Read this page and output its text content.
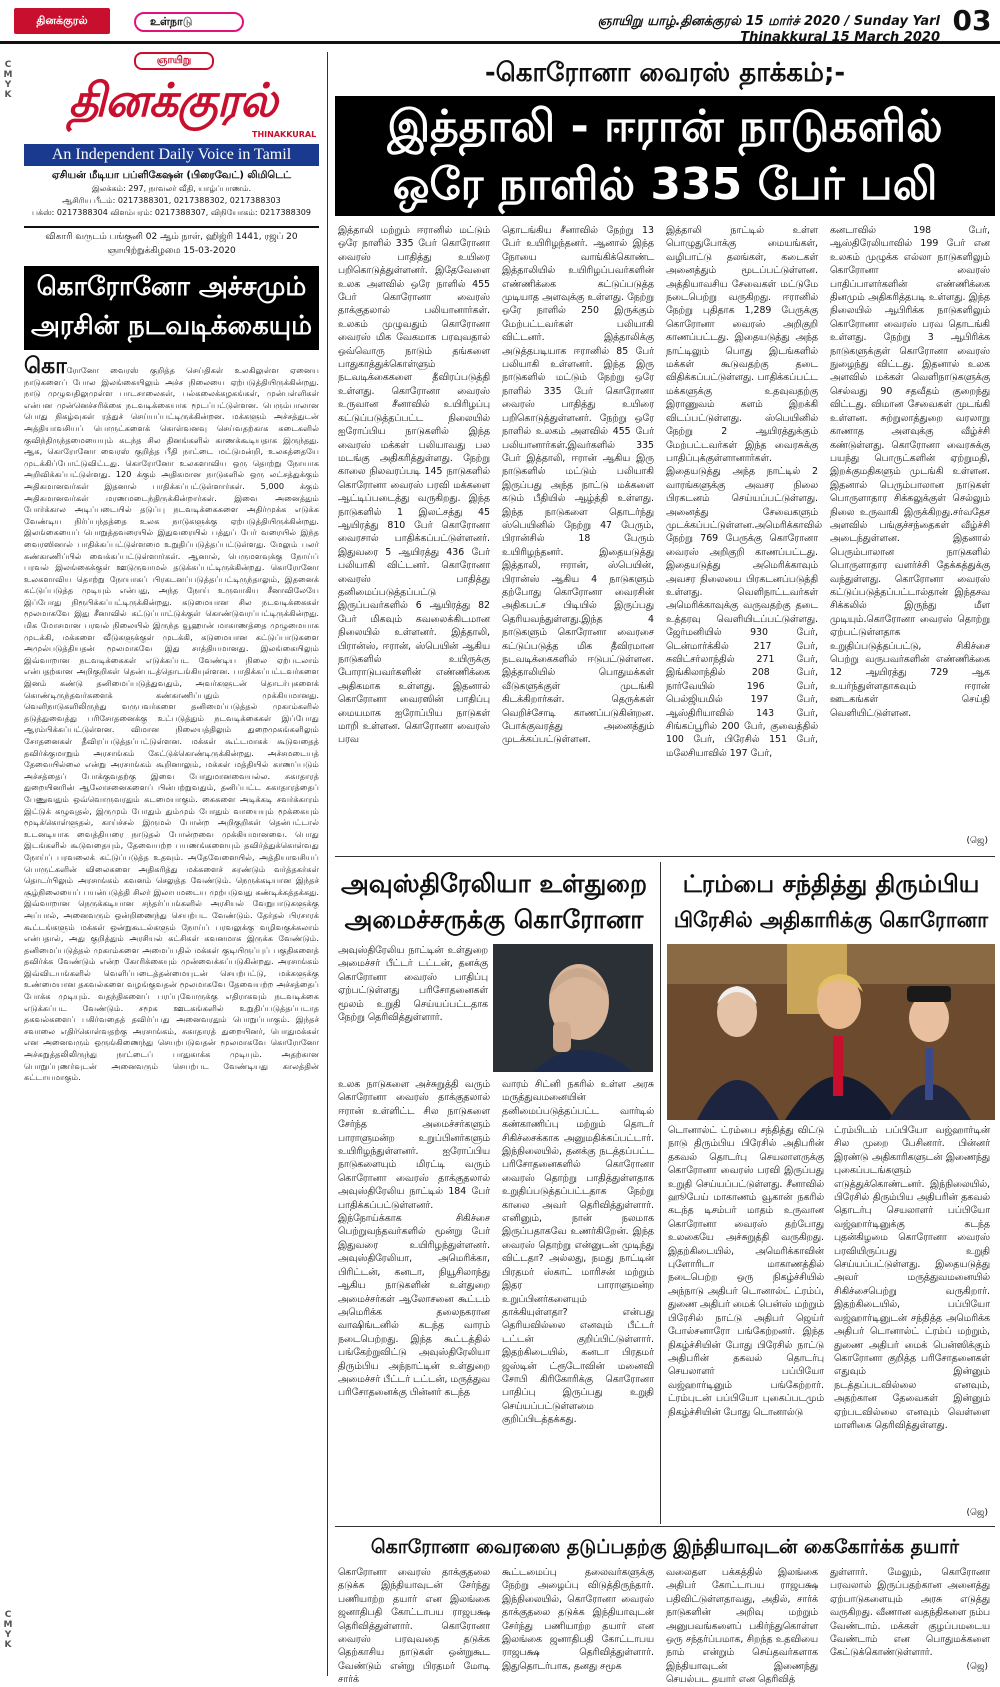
தினக்குரல்	உள்நாடு	ஞாயிறு யாழ்.தினக்குரல் 15 மார்ச் 2020 / Sunday Yarl Thinakkural 15 March 2020
03
C
M
Y
K
C
M
Y
K
ஞாயிறு
தினக்குரல்
THINAKKURAL
An Independent Daily Voice in Tamil
ஏசியன் மீடியா பப்ளிகேஷன் (பிரைவேட்) லிமிடெட்
இலக்கம்: 297, நாவலர் வீதி, யாழ்ப்பாணம்.
ஆசிரிய பீடம்: 0217388301, 0217388302, 0217388303
பக்ஸ்: 0217388304 விளம்பரம்: 0217388307, விநியோகம்: 0217388309
விகாரி வருடம் பங்குனி 02 ஆம் நாள், ஹிஜ்ரி 1441, ரஜப் 20
ஞாயிற்றுக்கிழமை 15-03-2020
கொரோனோ அச்சமும்
அரசின் நடவடிக்கையும்
கொரோனோ வைரஸ் குறித்த செய்திகள் உலகிலுள்ள ஏனைய நாடுகளைப் போல இலங்கையிலும் அச்ச நிலையை ஏற்படுத்தியிருக்கின்றது. நாடு முழுவதிலுமுள்ள பாடசாலைகள், பல்கலைக்கழகங்கள், முன்பள்ளிகள் என்பன முன்னெச்சரிக்கை நடவடிக்கையாக மூடப்பட்டுள்ளன. பெரும்பாலான பொது நிகழ்வுகள் ரத்துச் செய்யப்பட்டிருக்கின்றன. மக்களும் அச்சத்துடன் அத்தியாவசியப் பொருட்களைக் கொள்வனவு செய்வதற்காக கடைகளில் குவிந்திருந்தமையையும் கடந்த சில தினங்களில் காணக்கூடியதாக இருந்தது. ஆக, கொரோனோ வைரஸ் குறித்த பீதி நாட்டை மட்டுமன்றி, உலகத்தையே முடக்கிப்போட்டுவிட்டது. கொரோனோ உலகளாவிய ஒரு தொற்று நோயாக அறிவிக்கப்பட்டுள்ளது. 120 க்கும் அதிகமான நாடுகளில் ஒரு லட்சத்துக்கும் அதிகமானவர்கள் இதனால் பாதிக்கப்பட்டுள்ளார்கள். 5,000 க்கும் அதிகமானவர்கள் மரணமடைந்திருக்கின்றார்கள். இவை அனைத்தும் போர்க்கால அடிப்படையில் தடுப்பு நடவடிக்கைகளை அதிர்முக்க எடுக்க வேண்டிய நிர்ப்பந்தத்தை உலக நாடுகளுக்கு ஏற்படுத்தியிருக்கின்றது. இலங்கையைப் பொறுத்தவரையில் இதுவரையில் பத்துப் பேர் வரையில் இந்த வைரஸினால் பாதிக்கப்பட்டுள்ளமை உறுதிப்படுத்தப்பட்டுள்ளது. மேலும் பலர் கண்காணிப்பில் வைக்கப்பட்டுள்ளார்கள். ஆனால், பெருமளவுக்கு நோய்ப் பரவல் இலங்கைக்குள் ஊடுருவாமல் தடுக்கப்பட்டிருக்கின்றது. கொரோனோ உலகளாவிய தொற்று நோயாகப் பிரகடனப்படுத்தப்பட்டிருந்தாலும், இதனைக் கட்டுப்படுத்த முடியும் என்பது, அந்த நோய் உருவாகிய சீனாவிலேயே இப்போது நிரூபிக்கப்பட்டிருக்கின்றது. கடுமையான சில நடவடிக்கைகள் மூலமாகவே இது சீனாவில் கட்டுப்பாட்டுக்குள் கொண்டுவரப்பட்டிருக்கின்றது. மிக மோசமான பரவல் நிலையில் இருந்த வூஹான் மாகாணத்தை முழுமையாக முடக்கி, மக்களை வீடுகளுக்குள் முடக்கி, கடுமையான கட்டுப்பாடுகளை அமுல்படுத்தியதன் மூலமாகவே இது சாத்தியமானது. இலங்கையிலும் இவ்வாறான நடவடிக்கைகள் எடுக்கப்பட வேண்டிய நிலை ஏற்படலாம் என்பதற்கான அறிகுறிகள் தென்படத்தொடங்கியுள்ளன. பாதிக்கப்பட்டவர்களை இனம் கண்டு தனிமைப்படுத்துவதும், அவர்களுடன் தொடர்புகளைக் கொண்டிருந்தவர்களைக் கண்காணிப்பதும் முக்கியமானது. வெளிநாடுகளிலிருந்து வருபவர்களை தனிமைப்படுத்தல் முகாம்களில் தடுத்துவைத்து பரிசோதனைக்கு உட்படுத்தும் நடவடிக்கைகள் இப்போது ஆரம்பிக்கப்பட்டுள்ளன. விமான நிலையத்திலும் துறைமுகங்களிலும் சோதனைகள் தீவிரப்படுத்தப்பட்டுள்ளன. மக்கள் கூட்டமாகக் கூடுவதைத் தவிர்க்குமாறும் அரசாங்கம் கேட்டுக்கொண்டிருக்கின்றது. அச்சமடையத் தேவையில்லை என்று அரசாங்கம் கூறினாலும், மக்கள் மத்தியில் காணப்படும் அச்சத்தைப் போக்குவதற்கு இவை போதுமானவையல்ல. சுகாதாரத் துறையினரின் ஆலோசனைகளைப் பின்பற்றுவதும், தனிப்பட்ட சுகாதாரத்தைப் பேணுவதும் ஒவ்வொருவரதும் கடமையாகும். கைகளை அடிக்கடி சவர்க்காரம் இட்டுக் கழுவுதல், இருமும் போதும் தும்மும் போதும் வாயையும் மூக்கையும் மூடிக்கொள்ளுதல், காய்ச்சல் இருமல் போன்ற அறிகுறிகள் தென்பட்டால் உடனடியாக வைத்தியரை நாடுதல் போன்றவை முக்கியமானவை. பொது இடங்களில் கூடுவதையும், தேவையற்ற பயணங்களையும் தவிர்த்துக்கொள்வது நோய்ப் பரவலைக் கட்டுப்படுத்த உதவும். அதேவேளையில், அத்தியாவசியப் பொருட்களின் விலைகளை அதிகரித்து மக்களைச் சுரண்டும் வர்த்தகர்கள் தொடர்பிலும் அரசாங்கம் கவனம் செலுத்த வேண்டும். நெருக்கடியான இந்தச் சூழ்நிலையைப் பயன்படுத்தி சிலர் இலாபமடைய முற்படுவது கண்டிக்கத்தக்கது. இவ்வாறான நெருக்கடியான சந்தர்ப்பங்களில் அரசியல் வேறுபாடுகளுக்கு அப்பால், அனைவரும் ஒன்றிணைந்து செயற்பட வேண்டும். தேர்தல் பிரசாரக் கூட்டங்களும் மக்கள் ஒன்றுகூடல்களும் நோய்ப் பரவலுக்கு வழிவகுக்கலாம் என்பதால், அது குறித்தும் அரசியல் கட்சிகள் கவனமாக இருக்க வேண்டும். தனிமைப்படுத்தல் முகாம்களை அமைப்பதில் மக்கள் குடியிருப்புப் பகுதிகளைத் தவிர்க்க வேண்டும் என்ற கோரிக்கையும் முன்வைக்கப்படுகின்றது. அரசாங்கம் இவ்விடயங்களில் வெளிப்படைத்தன்மையுடன் செயற்பட்டு, மக்களுக்கு உண்மையான தகவல்களை வழங்குவதன் மூலமாகவே தேவையற்ற அச்சத்தைப் போக்க முடியும். வதந்திகளைப் பரப்புவோருக்கு எதிராகவும் நடவடிக்கை எடுக்கப்பட வேண்டும். சமூக ஊடகங்களில் உறுதிப்படுத்தப்படாத தகவல்களைப் பகிர்வதைத் தவிர்ப்பது அனைவரதும் பொறுப்பாகும். இந்தச் சவாலை எதிர்கொள்வதற்கு அரசாங்கம், சுகாதாரத் துறையினர், பொதுமக்கள் என அனைவரும் ஒருங்கிணைந்து செயற்படுவதன் மூலமாகவே கொரோனோ அச்சுறுத்தலிலிருந்து நாட்டைப் பாதுகாக்க முடியும். அதற்கான பொறுப்புணர்வுடன் அனைவரும் செயற்பட வேண்டியது காலத்தின் கட்டாயமாகும்.
-கொரோனா வைரஸ் தாக்கம்;-
இத்தாலி - ஈரான் நாடுகளில்
ஒரே நாளில் 335 பேர் பலி
இத்தாலி மற்றும் ஈரானில் மட்டும் ஒரே நாளில் 335 பேர் கொரோனா வைரஸ் பாதித்து உயிரை பறிகொடுத்துள்ளனர். இதேவேளை உலக அளவில் ஒரே நாளில் 455 பேர் கொரோனா வைரஸ் தாக்குதலால் பலியானார்கள். உலகம் முழுவதும் கொரோனா வைரஸ் மிக வேகமாக பரவுவதால் ஒவ்வொரு நாடும் தங்களை பாதுகாத்துக்கொள்ளும் நடவடிக்கைகளை தீவிரப்படுத்தி உள்ளது. கொரோனா வைரஸ் உருவான சீனாவில் உயிரிழப்பு கட்டுப்படுத்தப்பட்ட நிலையில் ஐரோப்பிய நாடுகளில் இந்த வைரஸ் மக்கள் பலியாவது பல மடங்கு அதிகரித்துள்ளது. நேற்று காலை நிலவரப்படி 145 நாடுகளில் கொரோனா வைரஸ் பரவி மக்களை ஆட்டிப்படைத்து வருகிறது. இந்த நாடுகளில் 1 இலட்சத்து 45 ஆயிரத்து 810 பேர் கொரோனா வைரசால் பாதிக்கப்பட்டுள்ளனர். இதுவரை 5 ஆயிரத்து 436 பேர் பலியாகி விட்டனர். கொரோனா வைரஸ் பாதித்து தனிமைப்படுத்தப்பட்டு இருப்பவர்களில் 6 ஆயிரத்து 82 பேர் மிகவும் கவலைக்கிடமான நிலையில் உள்ளனர். இத்தாலி, பிரான்ஸ், ஈரான், ஸ்பெயின் ஆகிய நாடுகளில் உயிருக்கு போராடுபவர்களின் எண்ணிக்கை அதிகமாக உள்ளது. இதனால் கொரோனா வைரஸின் பாதிப்பு மையமாக ஐரோப்பிய நாடுகள் மாறி உள்ளன. கொரோனா வைரஸ் பரவ
தொடங்கிய சீனாவில் நேற்று 13 பேர் உயிரிழந்தனர். ஆனால் இந்த நோயை வாங்கிக்கொண்ட இத்தாலியில் உயிரிழப்பவர்களின் எண்ணிக்கை கட்டுப்படுத்த முடியாத அளவுக்கு உள்ளது. நேற்று ஒரே நாளில் 250 இருக்கும் மேற்பட்டவர்கள் பலியாகி விட்டனர். இத்தாலிக்கு அடுத்தபடியாக ஈரானில் 85 பேர் பலியாகி உள்ளனர். இந்த இரு நாடுகளில் மட்டும் நேற்று ஒரே நாளில் 335 பேர் கொரோனா வைரஸ் பாதித்து உயிரை பறிகொடுத்துள்ளனர். நேற்று ஒரே நாளில் உலகம் அளவில் 455 பேர் பலியானார்கள்.இவர்களில் 335 பேர் இத்தாலி, ஈரான் ஆகிய இரு நாடுகளில் மட்டும் பலியாகி இருப்பது அந்த நாட்டு மக்களை கடும் பீதியில் ஆழ்த்தி உள்ளது. இந்த நாடுகளை தொடர்ந்து ஸ்பெயினில் நேற்று 47 பேரும், பிரான்சில் 18 பேரும் உயிரிழந்தனர். இதையடுத்து இத்தாலி, ஈரான், ஸ்பெயின், பிரான்ஸ் ஆகிய 4 நாடுகளும் தற்போது கொரோனா வைரசின் அதிகபட்ச பிடியில் இருப்பது தெரியவந்துள்ளது.இந்த 4 நாடுகளும் கொரோனா வைரசை கட்டுப்படுத்த மிக தீவிரமான நடவடிக்கைகளில் ஈடுபட்டுள்ளன. இத்தாலியில் பொதுமக்கள் வீடுகளுக்குள் முடங்கி கிடக்கிறார்கள். தெருக்கள் வெறிச்சோடி காணப்படுகின்றன. போக்குவரத்து அனைத்தும் முடக்கப்பட்டுள்ளன.
இத்தாலி நாட்டில் உள்ள பொழுதுபோக்கு மையங்கள், வழிபாட்டு தலங்கள், கடைகள் அனைத்தும் மூடப்பட்டுள்ளன. அத்தியாவசிய சேவைகள் மட்டுமே நடைபெற்று வருகிறது. ஈரானில் நேற்று புதிதாக 1,289 பேருக்கு கொரோனா வைரஸ் அறிகுறி காணப்பட்டது. இதையடுத்து அந்த நாட்டிலும் பொது இடங்களில் மக்கள் கூடுவதற்கு தடை விதிக்கப்பட்டுள்ளது. பாதிக்கப்பட்ட மக்களுக்கு உதவுவதற்கு இராணுவம் களம் இறக்கி விடப்பட்டுள்ளது. ஸ்பெயினில் நேற்று 2 ஆயிரத்துக்கும் மேற்பட்டவர்கள் இந்த வைரசுக்கு பாதிப்புக்குள்ளானார்கள். இதையடுத்து அந்த நாட்டில் 2 வாரங்களுக்கு அவசர நிலை பிரகடனம் செய்யப்பட்டுள்ளது. அனைத்து சேவைகளும் முடக்கப்பட்டுள்ளன.அமெரிக்காவில் நேற்று 769 பேருக்கு கொரோனா வைரஸ் அறிகுறி காணப்பட்டது. இதையடுத்து அமெரிக்காவும் அவசர நிலையை பிரகடனப்படுத்தி உள்ளது. வெளிநாட்டவர்கள் அமெரிக்காவுக்கு வருவதற்கு தடை உத்தரவு வெளியிடப்பட்டுள்ளது. ஜேர்மனியில் 930 பேர், டென்மார்க்கில் 217 பேர், சுவிட்சர்லாந்தில் 271 பேர், இங்கிலாந்தில் 208 பேர், நார்வேயில் 196 பேர், பெல்ஜியமில் 197 பேர், ஆஸ்திரியாவில் 143 பேர், சிங்கப்பூரில் 200 பேர், குவைத்தில் 100 பேர், பிரேசில் 151 பேர், மலேசியாவில் 197 பேர்,
கனடாவில் 198 பேர், ஆஸ்திரேலியாவில் 199 பேர் என உலகம் முழுக்க எல்லா நாடுகளிலும் கொரோனா வைரஸ் பாதிப்பாளர்களின் எண்ணிக்கை தினமும் அதிகரித்தபடி உள்ளது. இந்த நிலையில் ஆபிரிக்க நாடுகளிலும் கொரோனா வைரஸ் பரவ தொடங்கி உள்ளது. நேற்று 3 ஆபிரிக்க நாடுகளுக்குள் கொரோனா வைரஸ் நுழைந்து விட்டது. இதனால் உலக அளவில் மக்கள் வெளிநாடுகளுக்கு செல்வது 90 சதவீதம் குறைந்து விட்டது. விமான சேவைகள் முடங்கி உள்ளன. சுற்றுலாத்துறை வரலாறு காணாத அளவுக்கு வீழ்ச்சி கண்டுள்ளது. கொரோனா வைரசுக்கு பயந்து பொருட்களின் ஏற்றுமதி, இறக்குமதிகளும் முடங்கி உள்ளன. இதனால் பெரும்பாலான நாடுகள் பொருளாதார சிக்கலுக்குள் செல்லும் நிலை உருவாகி இருக்கிறது.சர்வதேச அளவில் பங்குச்சந்தைகள் வீழ்ச்சி அடைந்துள்ளன. இதனால் பெரும்பாலான நாடுகளில் பொருளாதார வளர்ச்சி தேக்கத்துக்கு வந்துள்ளது. கொரோனா வைரஸ் கட்டுப்படுத்தப்பட்டால்தான் இந்தசவ சிக்கலில் இருந்து மீள முடியும்.கொரோனா வைரஸ் தொற்று ஏற்பட்டுள்ளதாக உறுதிப்படுத்தப்பட்டு, சிகிச்சை பெற்று வருபவர்களின் எண்ணிக்கை 12 ஆயிரத்து 729 ஆக உயர்ந்துள்ளதாகவும் ஈரான் ஊடகங்கள் செய்தி வெளியிட்டுள்ளன.
(ஜெ)
அவுஸ்திரேலியா உள்துறை
அமைச்சருக்கு கொரோனா
அவுஸ்திரேலிய நாட்டின் உள்துறை அமைச்சர் பீட்டர் டட்டன், தனக்கு கொரோனா வைரஸ் பாதிப்பு ஏற்பட்டுள்ளது பரிசோதனைகள் மூலம் உறுதி செய்யப்பட்டதாக நேற்று தெரிவித்துள்ளார்.
உலக நாடுகளை அச்சுறுத்தி வரும் கொரோனா வைரஸ் தாக்குதலால் ஈரான் உள்ளிட்ட சில நாடுகளை சேர்ந்த அமைச்சர்களும் பாராளுமன்ற உறுப்பினர்களும் உயிரிழந்துள்ளனர். ஐரோப்பிய நாடுகளையும் மிரட்டி வரும் கொரோனா வைரஸ் தாக்குதலால் அவுஸ்திரேலிய நாட்டில் 184 பேர் பாதிக்கப்பட்டுள்ளனர். இந்நோய்க்காக சிகிச்சை பெற்றுவந்தவர்களில் மூன்று பேர் இதுவரை உயிரிழந்துள்ளனர். அவுஸ்திரேலியா, அமெரிக்கா, பிரிட்டன், கனடா, நியூசிலாந்து ஆகிய நாடுகளின் உள்துறை அமைச்சர்கள் ஆலோசனை கூட்டம் அமெரிக்க தலைநகரான வாஷிங்டனில் கடந்த வாரம் நடைபெற்றது. இந்த கூட்டத்தில் பங்கேற்றுவிட்டு அவுஸ்திரேலியா திரும்பிய அந்நாட்டின் உள்துறை அமைச்சர் பீட்டர் டட்டன், மருத்துவ பரிசோதனைக்கு பின்னர் கடந்த
வாரம் சிட்னி நகரில் உள்ள அரசு மருத்துவமனையின் தனிமைப்படுத்தப்பட்ட வார்டில் கண்காணிப்பு மற்றும் தொடர் சிகிச்சைக்காக அனுமதிக்கப்பட்டார். இந்நிலையில், தனக்கு நடத்தப்பட்ட பரிசோதனைகளில் கொரோனா வைரஸ் தொற்று பாதித்துள்ளதாக உறுதிப்படுத்தப்பட்டதாக நேற்று காலை அவர் தெரிவித்துள்ளார். எனினும், நான் நலமாக இருப்பதாகவே உணர்கிறேன். இந்த வைரஸ் தொற்று என்னுடன் முடிந்து விட்டதா? அல்லது, நமது நாட்டின் பிரதமர் ஸ்காட் மாரிசன் மற்றும் இதர பாராளுமன்ற உறுப்பினர்களையும் தாக்கியுள்ளதா? என்பது தெரியவில்லை எனவும் பீட்டர் டட்டன் குறிப்பிட்டுள்ளார். இதற்கிடையில், கனடா பிரதமர் ஜஸ்டின் ட்ரூடோவின் மனைவி சோபி கிரிகோரிக்கு கொரோனா பாதிப்பு இருப்பது உறுதி செய்யப்பட்டுள்ளமை குறிப்பிடத்தக்கது.
ட்ரம்பை சந்தித்து திரும்பிய
பிரேசில் அதிகாரிக்கு கொரோனா
டொனால்ட் ட்ரம்பை சந்தித்து விட்டு நாடு திரும்பிய பிரேசில் அதிபரின் தகவல் தொடர்பு செயலாளருக்கு கொரோனா வைரஸ் பரவி இருப்பது உறுதி செய்யப்பட்டுள்ளது. சீனாவில் ஹூபேய் மாகாணம் வூகான் நகரில் கடந்த டிசம்பர் மாதம் உருவான கொரோனா வைரஸ் தற்போது உலகையே அச்சுறுத்தி வருகிறது. இதற்கிடையில், அமெரிக்காவின் புளோரிடா மாகாணத்தில் நடைபெற்ற ஒரு நிகழ்ச்சியில் அந்நாடு அதிபர் டொனால்ட் ட்ரம்ப், துணை அதிபர் மைக் பென்ஸ் மற்றும் பிரேசில் நாட்டு அதிபர் ஜெய்ர் போல்சனாரோ பங்கேற்றனர். இந்த நிகழ்ச்சியின் போது பிரேசில் நாட்டு அதிபரின் தகவல் தொடர்பு செயலாளர் பப்பியோ வஜ்ஹார்டினும் பங்கேற்றார். ட்ரம்புடன் பப்பியோ புகைப்படமும் நிகழ்ச்சியின் போது டொனால்டு
ட்ரம்பிடம் பப்பியோ வஜ்ஹார்டின் சில முறை பேசினார். பின்னர் இரண்டு அதிகாரிகளுடன் இணைந்து புகைப்படங்களும் எடுத்துக்கொண்டனர். இந்நிலையில், பிரேசில் திரும்பிய அதிபரின் தகவல் தொடர்பு செயலாளர் பப்பியோ வஜ்ஹார்டினுக்கு கடந்த புதன்கிழமை கொரோனா வைரஸ் பரவியிருப்பது உறுதி செய்யப்பட்டுள்ளது. இதையடுத்து அவர் மருத்துவமனையில் சிகிச்சைபெற்று வருகிறார். இதற்கிடையில், பப்பியோ வஜ்ஹார்டினுடன் சந்தித்த அமெரிக்க அதிபர் டொனால்ட் ட்ரம்ப் மற்றும், துணை அதிபர் மைக் பென்ஸிக்கும் கொரோனா குறித்த பரிசோதனைகள் எதுவும் இன்னும் நடத்தப்படவில்லை எனவும், அதற்கான தேவைகள் இன்னும் ஏற்படவில்லை எனவும் வெள்ளை மாளிகை தெரிவித்துள்ளது.
(ஜெ)
கொரோனா வைரஸை தடுப்பதற்கு இந்தியாவுடன் கைகோர்க்க தயார்
கொரோனா வைரஸ் தாக்குதலை தடுக்க இந்தியாவுடன் சேர்ந்து பணியாற்ற தயார் என இலங்கை ஜனாதிபதி கோட்டாபய ராஜபக்ஷ தெரிவித்துள்ளார். கொரோனா வைரஸ் பரவுவதை தடுக்க தெற்காசிய நாடுகள் ஒன்றுகூட வேண்டும் என்று பிரதமர் மோடி சார்க்
கூட்டமைப்பு தலைவர்களுக்கு நேற்று அழைப்பு விடுத்திருந்தார். இந்நிலையில், கொரோனா வைரஸ் தாக்குதலை தடுக்க இந்தியாவுடன் சேர்ந்து பணியாற்ற தயார் என இலங்கை ஜனாதிபதி கோட்டாபய ராஜபக்ஷ தெரிவித்துள்ளார். இதுதொடர்பாக, தனது சமூக
வலைதள பக்கத்தில் இலங்கை அதிபர் கோட்டாபய ராஜபக்ஷ பதிவிட்டுள்ளதாவது, அதில், சார்க் நாடுகளின் அறிவு மற்றும் அனுபவங்களைப் பகிர்ந்துகொள்ள ஒரு சந்தர்ப்பமாக, சிறந்த உதவியை நாம் என்றும் செய்தவர்களாக இந்தியாவுடன் இணைந்து செயல்பட தயார் என தெரிவித்
துள்ளார். மேலும், கொரோனா பரவலால் இருப்பதற்கான அனைத்து ஏற்பாடுகளையும் அரசு எடுத்து வருகிறது. வீணான வதந்திகளை நம்ப வேண்டாம். மக்கள் குழப்பமடைய வேண்டாம் என பொதுமக்களை கேட்டுக்கொண்டுள்ளார்.
(ஜெ)
